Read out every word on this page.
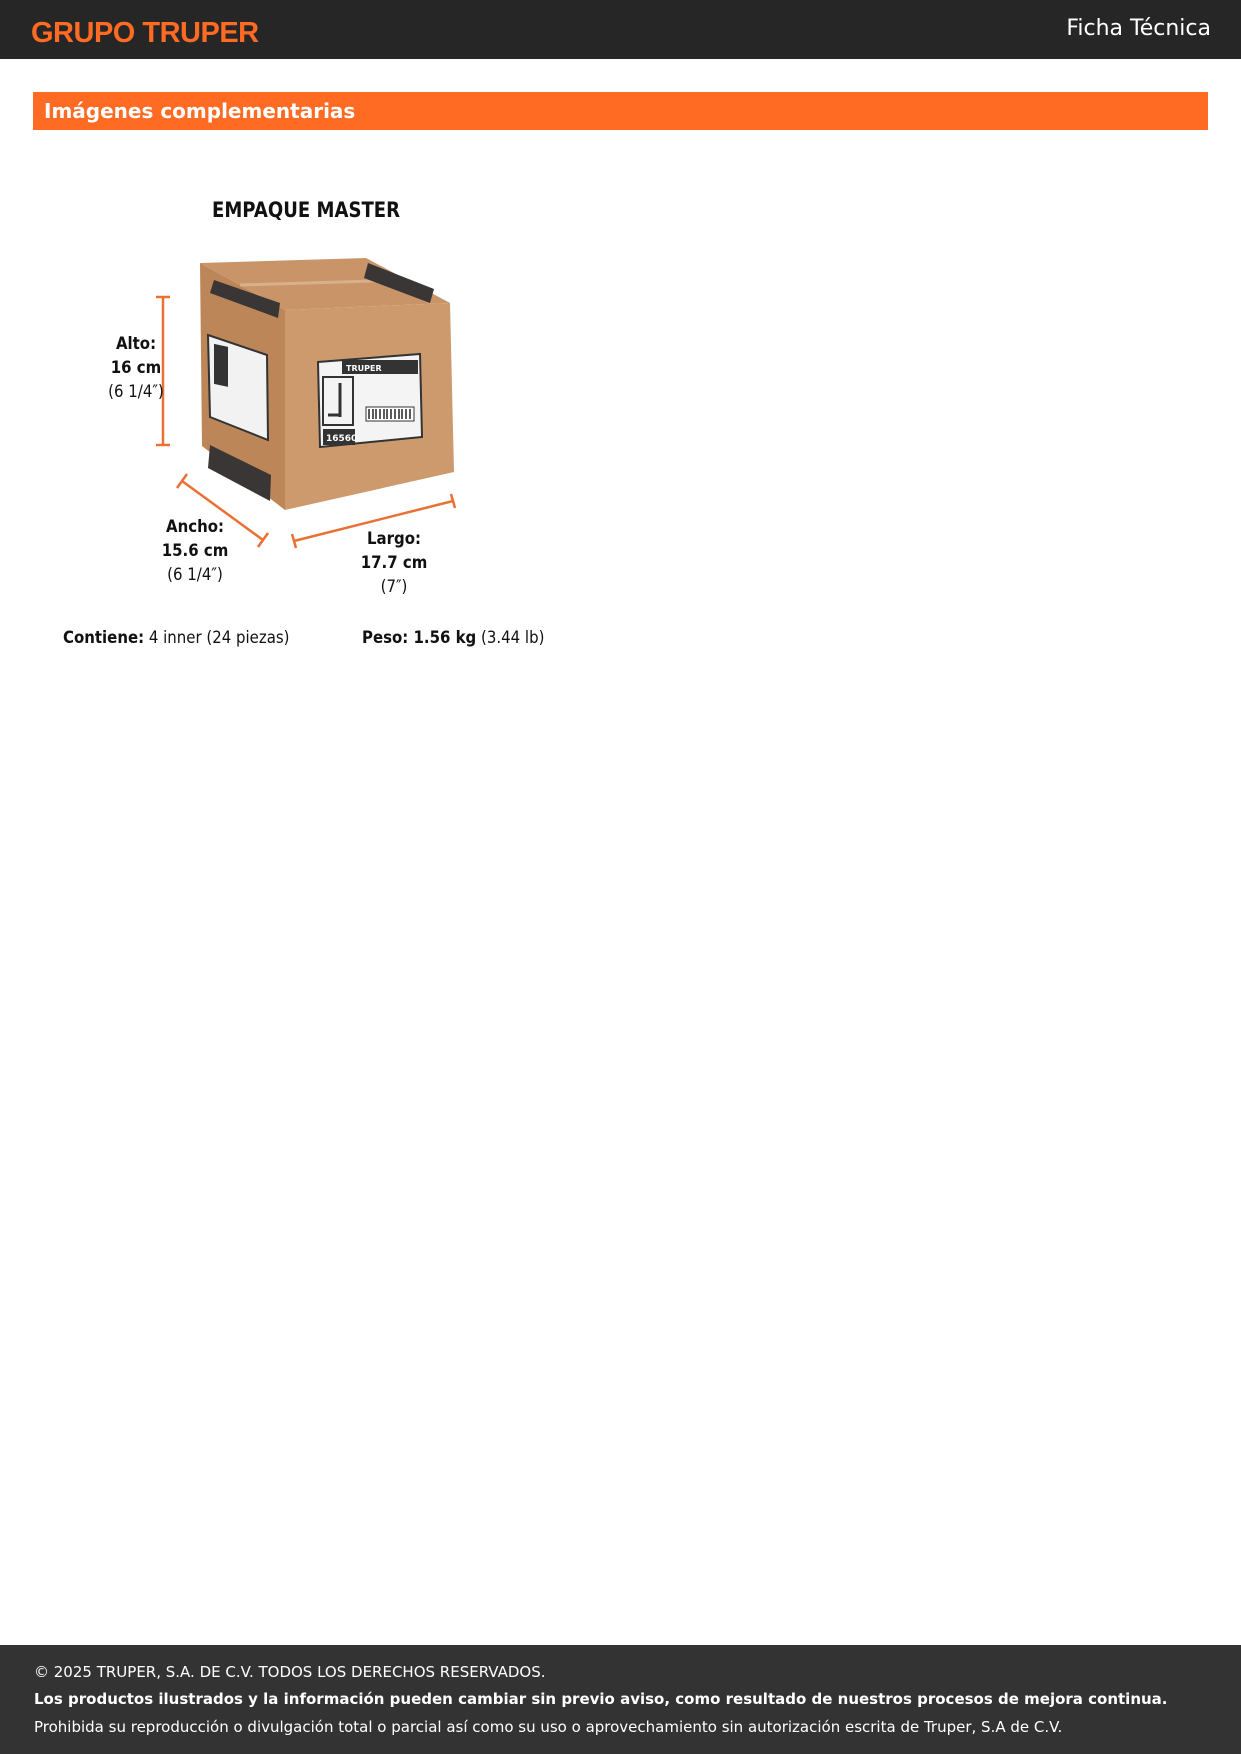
GRUPO TRUPER	Ficha Técnica
Imágenes complementarias
TRUPER
16560
EMPAQUE MASTER
Alto:
16 cm
(6 1/4″)
Ancho:
15.6 cm
(6 1/4″)
Largo:
17.7 cm
(7″)
Contiene: 4 inner (24 piezas)	Peso: 1.56 kg (3.44 lb)
© 2025 TRUPER, S.A. DE C.V. TODOS LOS DERECHOS RESERVADOS.
Los productos ilustrados y la información pueden cambiar sin previo aviso, como resultado de nuestros procesos de mejora continua.
Prohibida su reproducción o divulgación total o parcial así como su uso o aprovechamiento sin autorización escrita de Truper, S.A de C.V.
